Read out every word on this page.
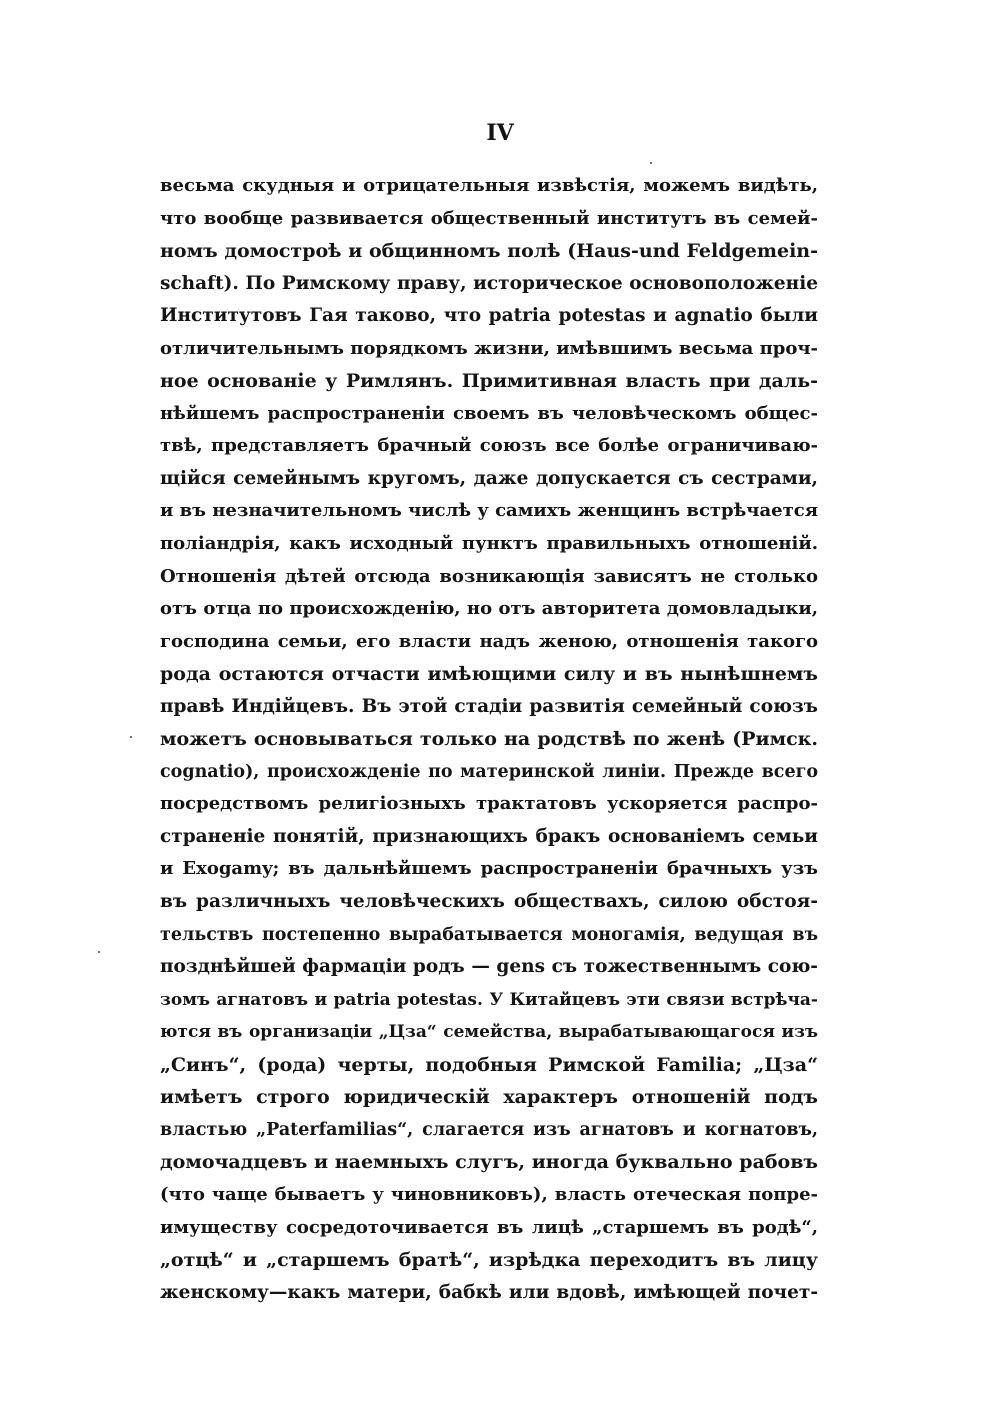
IV
весьма скудныя и отрицательныя извѣстія, можемъ видѣть,
что вообще развивается общественный институтъ въ семей-
номъ домостроѣ и общинномъ полѣ (Haus-und Feldgemein-
schaft). По Римскому праву, историческое основоположеніе
Институтовъ Гая таково, что patria potestas и agnatio были
отличительнымъ порядкомъ жизни, имѣвшимъ весьма проч-
ное основаніе у Римлянъ. Примитивная власть при даль-
нѣйшемъ распространеніи своемъ въ человѣческомъ общес-
твѣ, представляетъ брачный союзъ все болѣе ограничиваю-
щійся семейнымъ кругомъ, даже допускается съ сестрами,
и въ незначительномъ числѣ у самихъ женщинъ встрѣчается
поліандрія, какъ исходный пунктъ правильныхъ отношеній.
Отношенія дѣтей отсюда возникающія зависятъ не столько
отъ отца по происхожденію, но отъ авторитета домовладыки,
господина семьи, его власти надъ женою, отношенія такого
рода остаются отчасти имѣющими силу и въ нынѣшнемъ
правѣ Индійцевъ. Въ этой стадіи развитія семейный союзъ
можетъ основываться только на родствѣ по женѣ (Римск.
cognatio), происхожденіе по материнской линіи. Прежде всего
посредствомъ религіозныхъ трактатовъ ускоряется распро-
страненіе понятій, признающихъ бракъ основаніемъ семьи
и Exogamy; въ дальнѣйшемъ распространеніи брачныхъ узъ
въ различныхъ человѣческихъ обществахъ, силою обстоя-
тельствъ постепенно вырабатывается моногамія, ведущая въ
позднѣйшей фармаціи родъ — gens съ тожественнымъ сою-
зомъ агнатовъ и patria potestas. У Китайцевъ эти связи встрѣча-
ются въ организаціи „Цза“ семейства, вырабатывающагося изъ
„Синъ“, (рода) черты, подобныя Римской Familia; „Цза“
имѣетъ строго юридическій характеръ отношеній подъ
властью „Paterfamilias“, слагается изъ агнатовъ и когнатовъ,
домочадцевъ и наемныхъ слугъ, иногда буквально рабовъ
(что чаще бываетъ у чиновниковъ), власть отеческая попре-
имуществу сосредоточивается въ лицѣ „старшемъ въ родѣ“,
„отцѣ“ и „старшемъ братѣ“, изрѣдка переходитъ въ лицу
женскому—какъ матери, бабкѣ или вдовѣ, имѣющей почет-
